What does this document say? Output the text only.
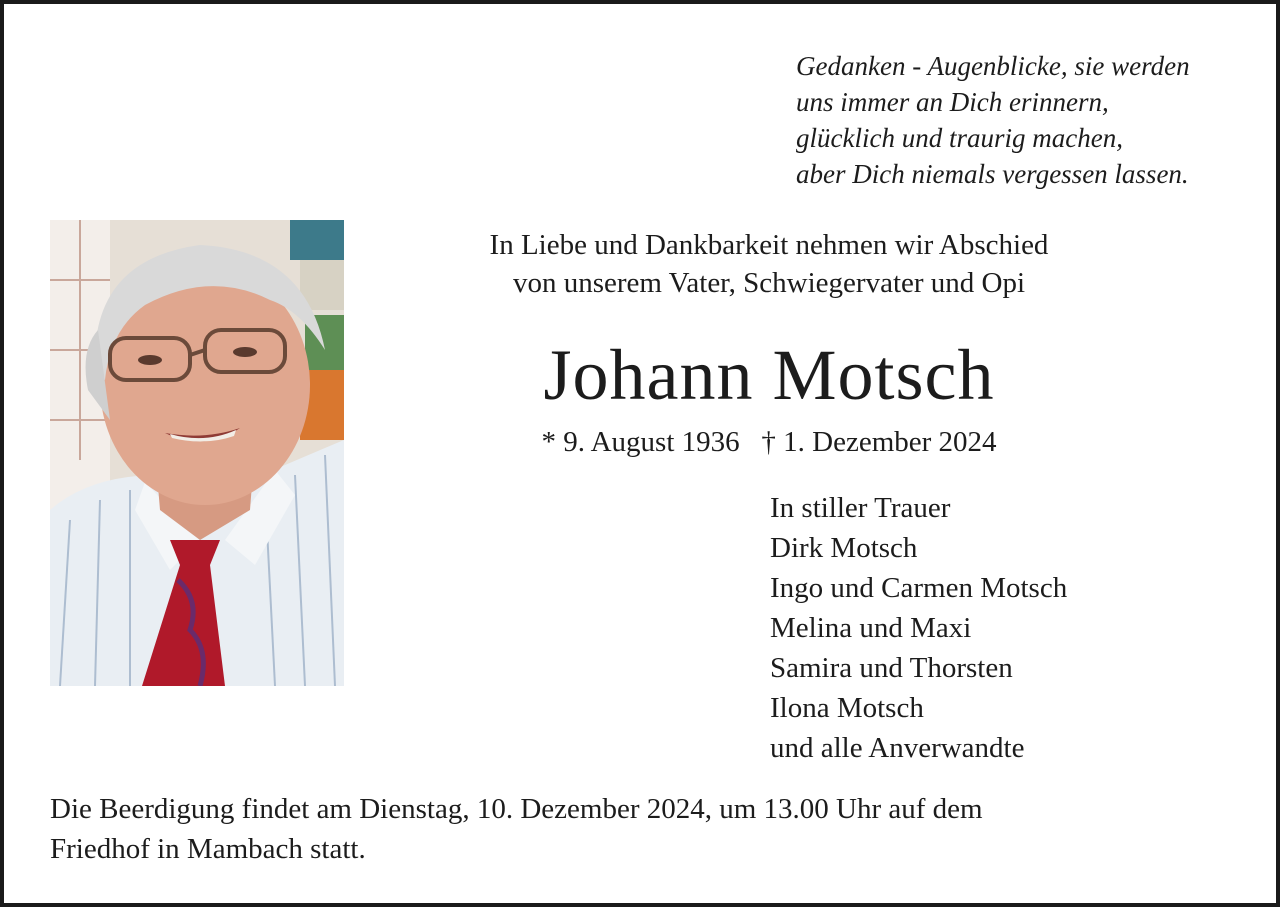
Gedanken - Augenblicke, sie werden
uns immer an Dich erinnern,
glücklich und traurig machen,
aber Dich niemals vergessen lassen.
In Liebe und Dankbarkeit nehmen wir Abschied
von unserem Vater, Schwiegervater und Opi
Johann Motsch
* 9. August 1936 † 1. Dezember 2024
In stiller Trauer
Dirk Motsch
Ingo und Carmen Motsch
Melina und Maxi
Samira und Thorsten
Ilona Motsch
und alle Anverwandte
Die Beerdigung findet am Dienstag, 10. Dezember 2024, um 13.00 Uhr auf dem
Friedhof in Mambach statt.
